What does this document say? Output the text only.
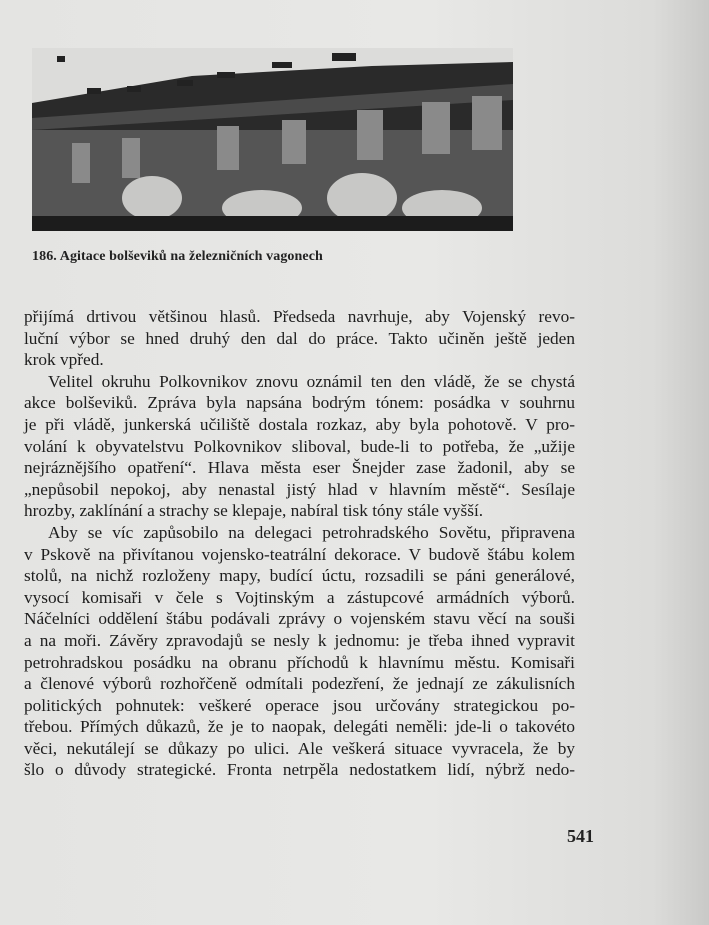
186. Agitace bolševiků na železničních vagonech
přijímá drtivou většinou hlasů. Předseda navrhuje, aby Vojenský revo-
luční výbor se hned druhý den dal do práce. Takto učiněn ještě jeden
krok vpřed.
Velitel okruhu Polkovnikov znovu oznámil ten den vládě, že se chystá
akce bolševiků. Zpráva byla napsána bodrým tónem: posádka v souhrnu
je při vládě, junkerská učiliště dostala rozkaz, aby byla pohotově. V pro-
volání k obyvatelstvu Polkovnikov sliboval, bude-li to potřeba, že „užije
nejráznějšího opatření“. Hlava města eser Šnejder zase žadonil, aby se
„nepůsobil nepokoj, aby nenastal jistý hlad v hlavním městě“. Sesílaje
hrozby, zaklínání a strachy se klepaje, nabíral tisk tóny stále vyšší.
Aby se víc zapůsobilo na delegaci petrohradského Sovětu, připravena
v Pskově na přivítanou vojensko-teatrální dekorace. V budově štábu kolem
stolů, na nichž rozloženy mapy, budící úctu, rozsadili se páni generálové,
vysocí komisaři v čele s Vojtinským a zástupcové armádních výborů.
Náčelníci oddělení štábu podávali zprávy o vojenském stavu věcí na souši
a na moři. Závěry zpravodajů se nesly k jednomu: je třeba ihned vypravit
petrohradskou posádku na obranu příchodů k hlavnímu městu. Komisaři
a členové výborů rozhořčeně odmítali podezření, že jednají ze zákulisních
politických pohnutek: veškeré operace jsou určovány strategickou po-
třebou. Přímých důkazů, že je to naopak, delegáti neměli: jde-li o takovéto
věci, nekutálejí se důkazy po ulici. Ale veškerá situace vyvracela, že by
šlo o důvody strategické. Fronta netrpěla nedostatkem lidí, nýbrž nedo-
541
